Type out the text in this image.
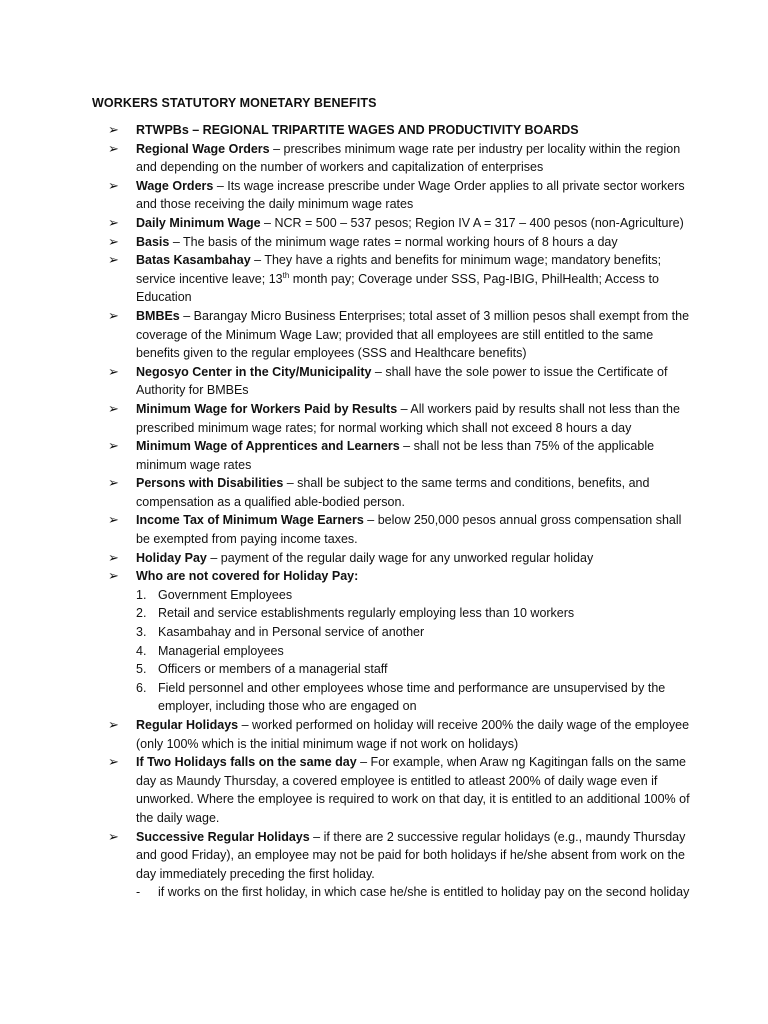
WORKERS STATUTORY MONETARY BENEFITS
➢	RTWPBs – REGIONAL TRIPARTITE WAGES AND PRODUCTIVITY BOARDS
➢	Regional Wage Orders – prescribes minimum wage rate per industry per locality within the region and depending on the number of workers and capitalization of enterprises
➢	Wage Orders – Its wage increase prescribe under Wage Order applies to all private sector workers and those receiving the daily minimum wage rates
➢	Daily Minimum Wage – NCR = 500 – 537 pesos; Region IV A = 317 – 400 pesos (non-Agriculture)
➢	Basis – The basis of the minimum wage rates = normal working hours of 8 hours a day
➢	Batas Kasambahay – They have a rights and benefits for minimum wage; mandatory benefits; service incentive leave; 13th month pay; Coverage under SSS, Pag-IBIG, PhilHealth; Access to Education
➢	BMBEs – Barangay Micro Business Enterprises; total asset of 3 million pesos shall exempt from the coverage of the Minimum Wage Law; provided that all employees are still entitled to the same benefits given to the regular employees (SSS and Healthcare benefits)
➢	Negosyo Center in the City/Municipality – shall have the sole power to issue the Certificate of Authority for BMBEs
➢	Minimum Wage for Workers Paid by Results – All workers paid by results shall not less than the prescribed minimum wage rates; for normal working which shall not exceed 8 hours a day
➢	Minimum Wage of Apprentices and Learners – shall not be less than 75% of the applicable minimum wage rates
➢	Persons with Disabilities – shall be subject to the same terms and conditions, benefits, and compensation as a qualified able-bodied person.
➢	Income Tax of Minimum Wage Earners – below 250,000 pesos annual gross compensation shall be exempted from paying income taxes.
➢	Holiday Pay – payment of the regular daily wage for any unworked regular holiday
➢	Who are not covered for Holiday Pay:
1. Government Employees
2. Retail and service establishments regularly employing less than 10 workers
3. Kasambahay and in Personal service of another
4. Managerial employees
5. Officers or members of a managerial staff
6. Field personnel and other employees whose time and performance are unsupervised by the employer, including those who are engaged on
➢	Regular Holidays – worked performed on holiday will receive 200% the daily wage of the employee (only 100% which is the initial minimum wage if not work on holidays)
➢	If Two Holidays falls on the same day – For example, when Araw ng Kagitingan falls on the same day as Maundy Thursday, a covered employee is entitled to atleast 200% of daily wage even if unworked. Where the employee is required to work on that day, it is entitled to an additional 100% of the daily wage.
➢	Successive Regular Holidays – if there are 2 successive regular holidays (e.g., maundy Thursday and good Friday), an employee may not be paid for both holidays if he/she absent from work on the day immediately preceding the first holiday.
-	if works on the first holiday, in which case he/she is entitled to holiday pay on the second holiday
